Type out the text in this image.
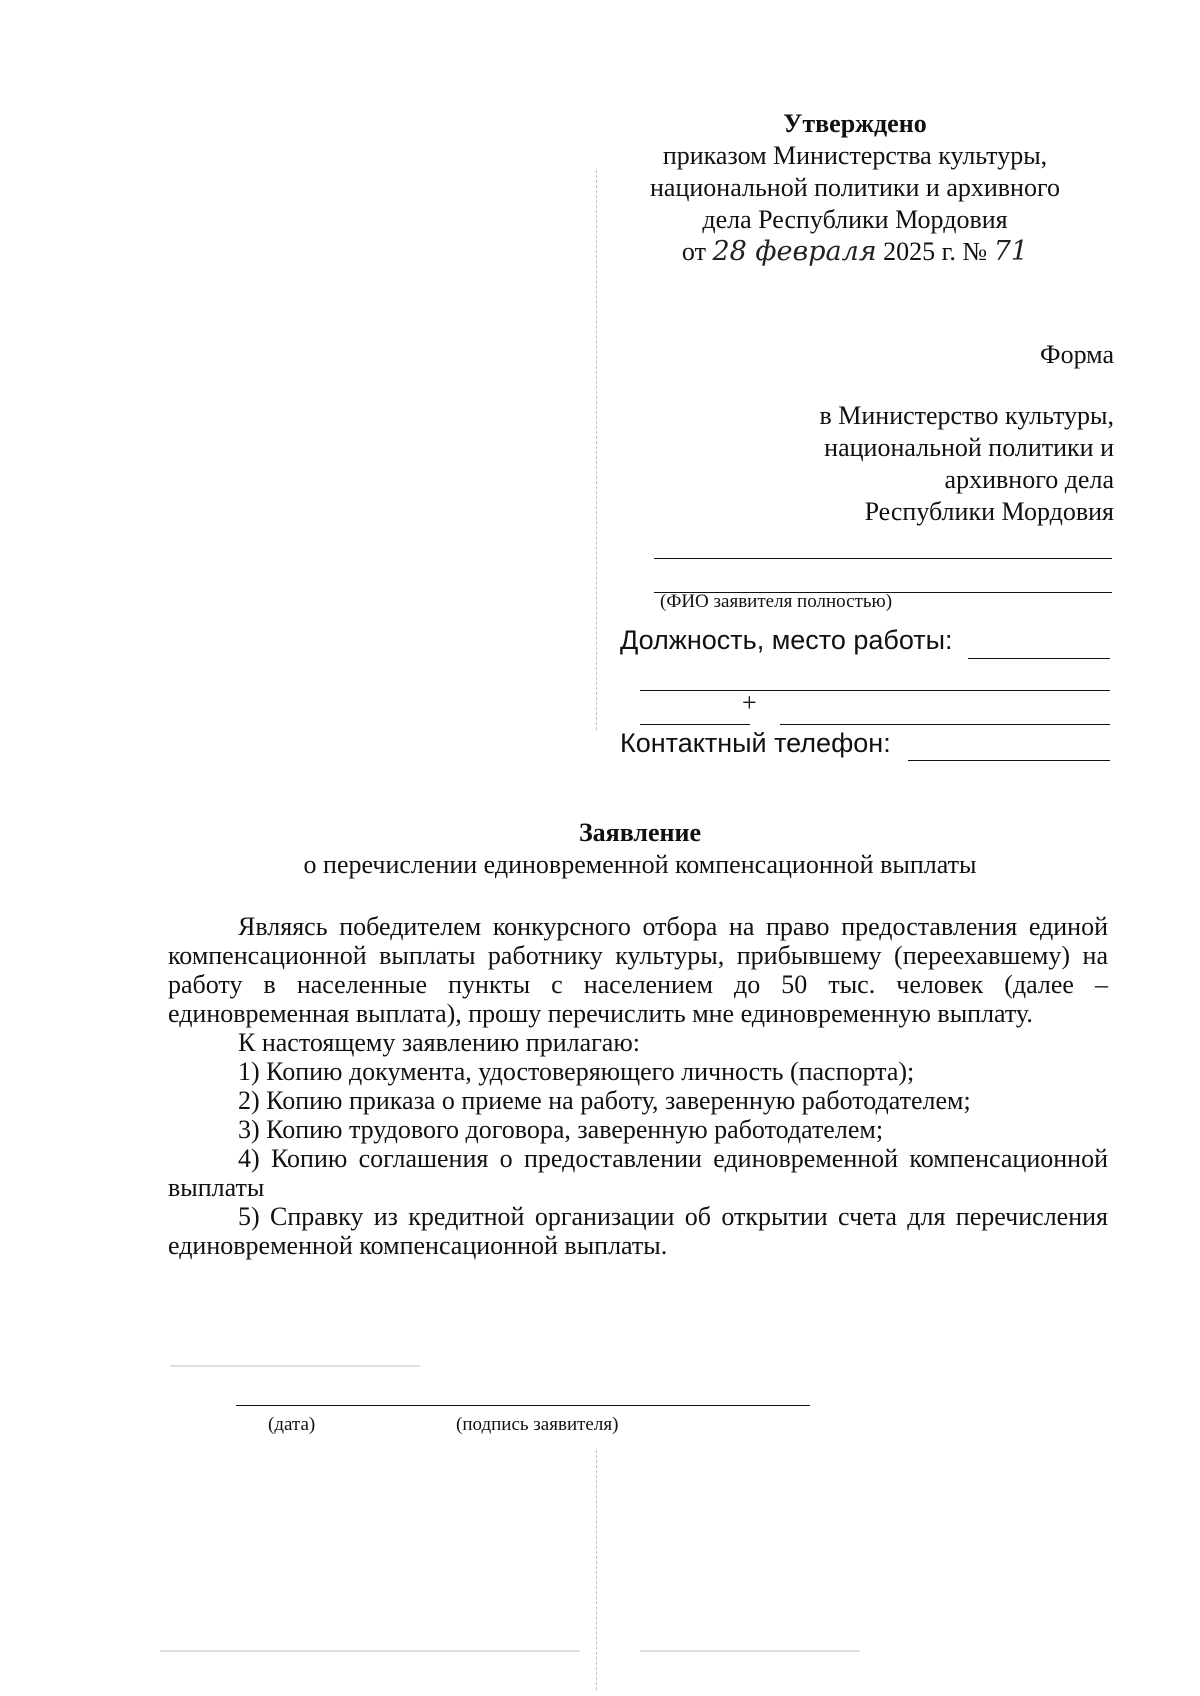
Утверждено
приказом Министерства культуры,
национальной политики и архивного
дела Республики Мордовия
от 28 февраля 2025 г. № 71
Форма
в Министерство культуры,
национальной политики и
архивного дела
Республики Мордовия
(ФИО заявителя полностью)
Должность, место работы:
+
Контактный телефон:
Заявление
о перечислении единовременной компенсационной выплаты

Являясь победителем конкурсного отбора на право предоставления единой компенсационной выплаты работнику культуры, прибывшему (переехавшему) на работу в населенные пункты с населением до 50 тыс. человек (далее – единовременная выплата), прошу перечислить мне единовременную выплату.

К настоящему заявлению прилагаю:

1) Копию документа, удостоверяющего личность (паспорта);

2) Копию приказа о приеме на работу, заверенную работодателем;

3) Копию трудового договора, заверенную работодателем;

4) Копию соглашения о предоставлении единовременной компенсационной выплаты

5) Справку из кредитной организации об открытии счета для перечисления единовременной компенсационной выплаты.

(дата)	(подпись заявителя)
